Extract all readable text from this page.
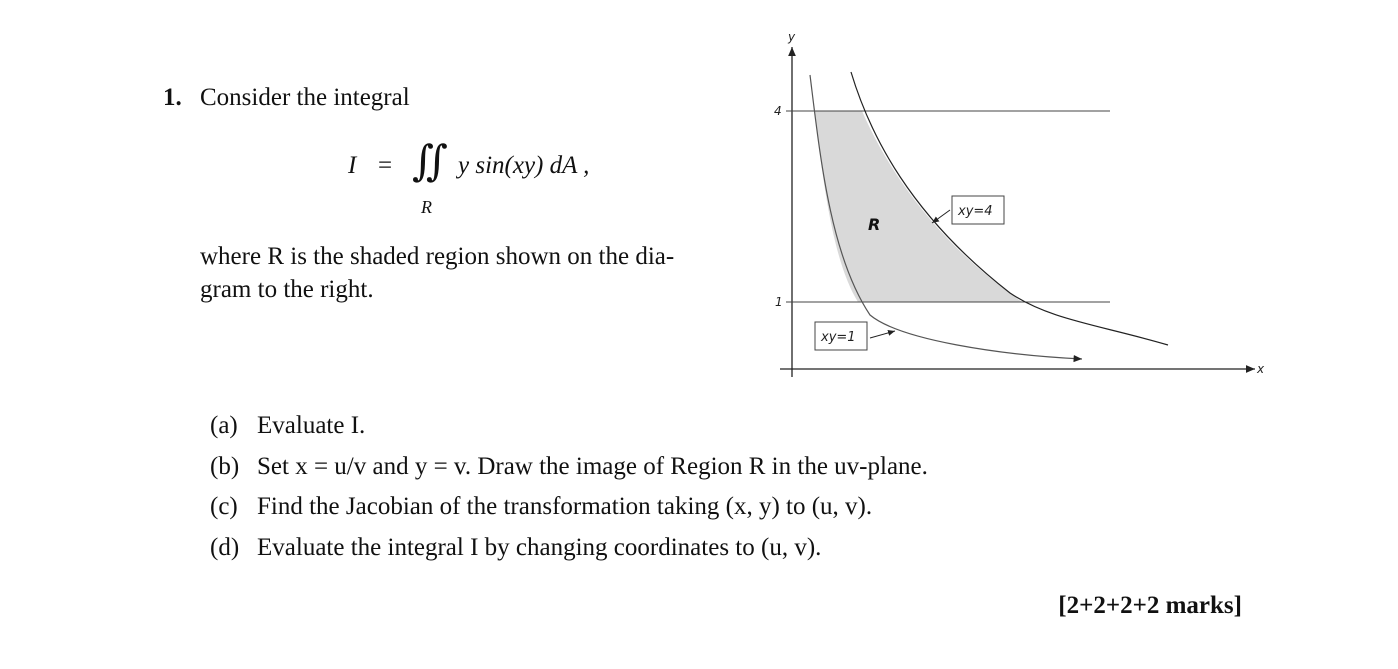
1. Consider the integral
I = ∬
R
y sin(xy) dA ,
where R is the shaded region shown on the dia-
gram to the right.
(a) Evaluate I.
(b) Set x = u/v and y = v. Draw the image of Region R in the uv-plane.
(c) Find the Jacobian of the transformation taking (x, y) to (u, v).
(d) Evaluate the integral I by changing coordinates to (u, v).
[2+2+2+2 marks]
y
x
4
1
R
xy=4
xy=1
